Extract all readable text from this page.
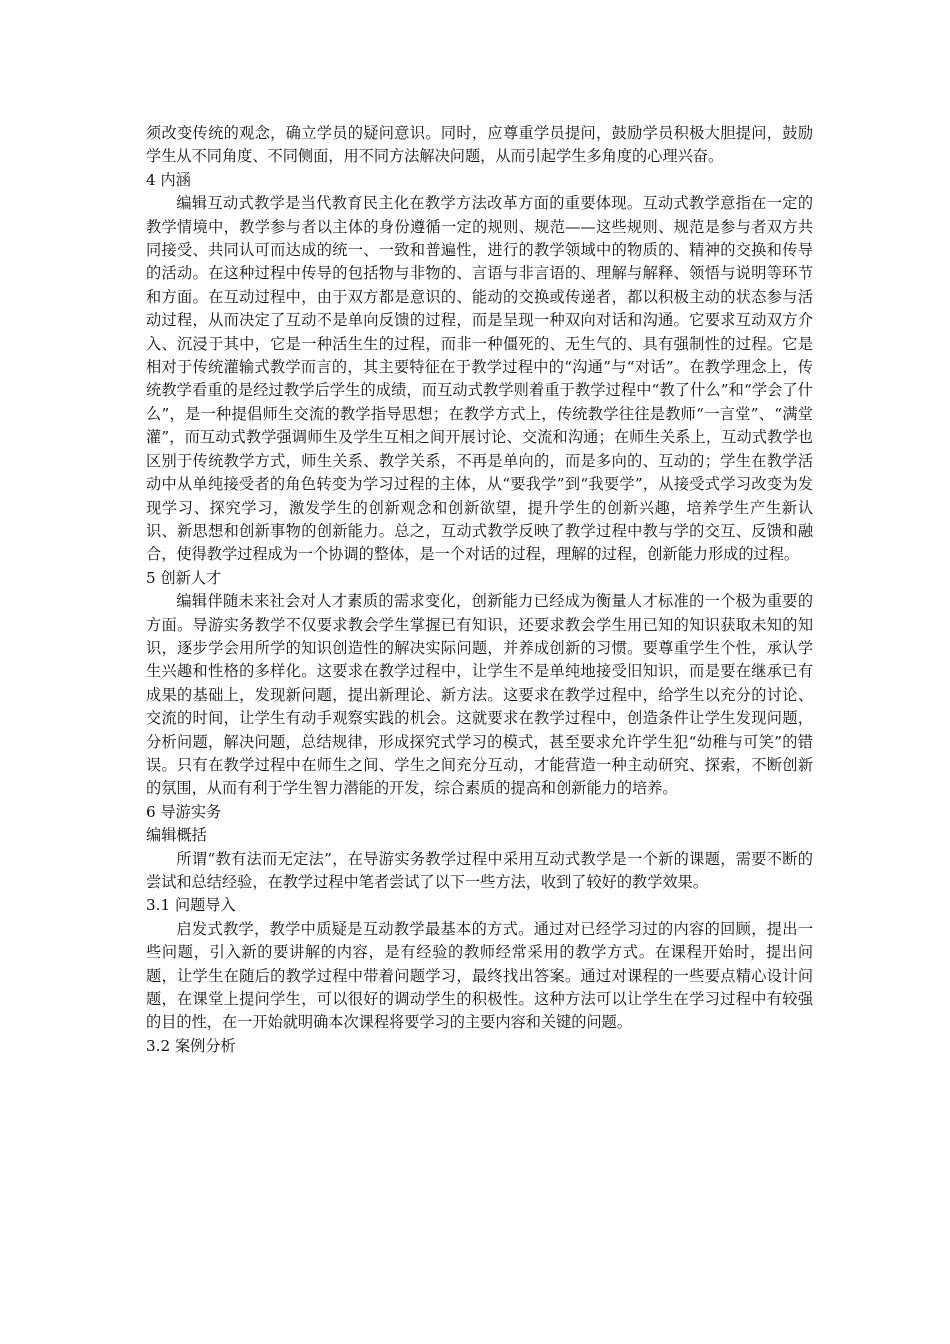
须改变传统的观念，确立学员的疑问意识。同时，应尊重学员提问，鼓励学员积极大胆提问，鼓励学生从不同角度、不同侧面，用不同方法解决问题，从而引起学生多角度的心理兴奋。

4 内涵

编辑互动式教学是当代教育民主化在教学方法改革方面的重要体现。互动式教学意指在一定的教学情境中，教学参与者以主体的身份遵循一定的规则、规范——这些规则、规范是参与者双方共同接受、共同认可而达成的统一、一致和普遍性，进行的教学领域中的物质的、精神的交换和传导的活动。在这种过程中传导的包括物与非物的、言语与非言语的、理解与解释、领悟与说明等环节和方面。在互动过程中，由于双方都是意识的、能动的交换或传递者，都以积极主动的状态参与活动过程，从而决定了互动不是单向反馈的过程，而是呈现一种双向对话和沟通。它要求互动双方介入、沉浸于其中，它是一种活生生的过程，而非一种僵死的、无生气的、具有强制性的过程。它是相对于传统灌输式教学而言的，其主要特征在于教学过程中的“沟通”与“对话”。在教学理念上，传统教学看重的是经过教学后学生的成绩，而互动式教学则着重于教学过程中“教了什么”和“学会了什么”，是一种提倡师生交流的教学指导思想；在教学方式上，传统教学往往是教师“一言堂”、“满堂灌”，而互动式教学强调师生及学生互相之间开展讨论、交流和沟通；在师生关系上，互动式教学也区别于传统教学方式，师生关系、教学关系，不再是单向的，而是多向的、互动的；学生在教学活动中从单纯接受者的角色转变为学习过程的主体，从“要我学”到“我要学”，从接受式学习改变为发现学习、探究学习，激发学生的创新观念和创新欲望，提升学生的创新兴趣，培养学生产生新认识、新思想和创新事物的创新能力。总之，互动式教学反映了教学过程中教与学的交互、反馈和融合，使得教学过程成为一个协调的整体，是一个对话的过程，理解的过程，创新能力形成的过程。

5 创新人才

编辑伴随未来社会对人才素质的需求变化，创新能力已经成为衡量人才标准的一个极为重要的方面。导游实务教学不仅要求教会学生掌握已有知识，还要求教会学生用已知的知识获取未知的知识，逐步学会用所学的知识创造性的解决实际问题，并养成创新的习惯。要尊重学生个性，承认学生兴趣和性格的多样化。这要求在教学过程中，让学生不是单纯地接受旧知识，而是要在继承已有成果的基础上，发现新问题，提出新理论、新方法。这要求在教学过程中，给学生以充分的讨论、交流的时间，让学生有动手观察实践的机会。这就要求在教学过程中，创造条件让学生发现问题，分析问题，解决问题，总结规律，形成探究式学习的模式，甚至要求允许学生犯“幼稚与可笑”的错误。只有在教学过程中在师生之间、学生之间充分互动，才能营造一种主动研究、探索，不断创新的氛围，从而有利于学生智力潜能的开发，综合素质的提高和创新能力的培养。

6 导游实务

编辑概括

所谓“教有法而无定法”，在导游实务教学过程中采用互动式教学是一个新的课题，需要不断的尝试和总结经验，在教学过程中笔者尝试了以下一些方法，收到了较好的教学效果。

3.1 问题导入

启发式教学，教学中质疑是互动教学最基本的方式。通过对已经学习过的内容的回顾，提出一些问题，引入新的要讲解的内容，是有经验的教师经常采用的教学方式。在课程开始时，提出问题，让学生在随后的教学过程中带着问题学习，最终找出答案。通过对课程的一些要点精心设计问题，在课堂上提问学生，可以很好的调动学生的积极性。这种方法可以让学生在学习过程中有较强的目的性，在一开始就明确本次课程将要学习的主要内容和关键的问题。

3.2 案例分析
